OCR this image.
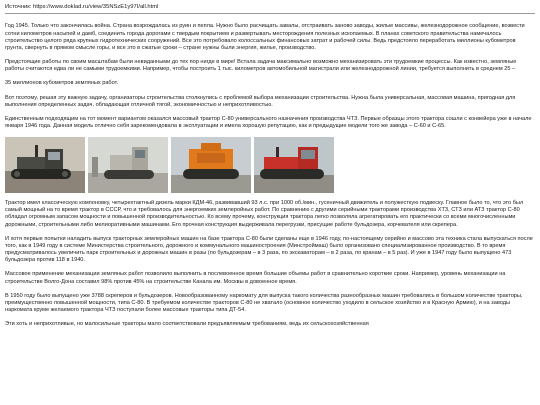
Источник: https://www.doklad.ru/view/35NSzE1y97I/all.html

Год 1945. Только что закончилась война. Страна возрождалась из руин и пепла. Нужно было расчищать завалы, отстраивать заново заводы, жилые массивы, железнодорожное сообщение, возвести сотни километров насыпей и дамб, соединить города дорогами с твердым покрытием и развертывать месторождения полезных ископаемых. В планах советского правительства намечалось строительство целого ряда крупных гидротехнических сооружений. Все это потребовало колоссальных финансовых затрат и рабочей силы. Ведь предстояло переработать миллионы кубометров грунта, свернуть в прямом смысле горы, и все это в сжатые сроки – стране нужны были энергия, жилье, производство.

Предстоящие работы по своим масштабам были невиданными до тех пор нигде в мире! Встала задача максимально возможно механизировать эти трудоемкие процессы. Как известно, земляные работы считаются едва ли не самыми трудоемкими. Например, чтобы построить 1 тыс. километров автомобильной магистрали или железнодорожной линии, требуется выполнить в среднем 25 –

35 миллионов кубометров земляных работ.

Вот поэтому, решая эту важную задачу, организаторы строительства столкнулись с проблемой выбора механизации строительства. Нужна была универсальная, массовая машина, пригодная для выполнения определенных задач, обладающая отличной тягой, экономичностью и неприхотливостью.

Единственным подходящим на тот момент вариантом оказался массовый трактор С-80 универсального назначения производства ЧТЗ. Первые образцы этого трактора сошли с конвейера уже в начале января 1946 года. Данная модель отлично себя зарекомендовала в эксплуатации и имела хорошую репутацию, как и предыдущие модели того же завода – С-60 и С-65.

Трактор имел классическую компоновку, четырехтактный дизель марки КДМ-46, развивавший 93 л.с. при 1000 об./мин., гусеничный движитель и полужесткую подвеску. Главное было то, что это был самый мощный на то время трактор в СССР, что и требовалось для энергоемких землеройных работ. По сравнению с другими серийными тракторами производства ХТЗ, СТЗ или АТЗ трактор С-80 обладал огромным запасом мощности и повышенной производительностью. Ко всему прочему, конструкция трактора легко позволяла агрегатировать его практически со всеми многочисленными дорожными, строительными либо мелиоративными машинами. Его прочная конструкция выдерживала перегрузки, присущие работе бульдозера, корчевателя или скрепера.

И хотя первые попытки наладить выпуск тракторных землеройных машин на базе трактора С-80 были сделаны еще в 1946 году, по-настоящему серийно и массово эта техника стала выпускаться после того, как в 1949 году в системе Министерства строительного, дорожного и коммунального машиностроения (Минстроймаш) было организовано специализированное производство. В то время предусматривалось увеличить парк строительных и дорожных машин в разы (по бульдозерам – в 3 раза, по экскаваторам – в 2 раза, по кранам – в 5 раз). И уже в 1947 году было выпущено 473 бульдозера против 118 в 1940.

Массовое применение механизации земляных работ позволило выполнить в послевоенное время большие объемы работ в сравнительно короткие сроки. Например, уровень механизации на строительстве Волго-Дона составил 98% против 45% на строительстве Канала им. Москвы в довоенное время.

В 1950 году было выпущено уже 3788 скреперов и бульдозеров. Новообразованному наркомату для выпуска такого количества разнообразных машин требовались в большом количестве тракторы, преимущественно повышенной мощности, типа С-80. В требуемом количестве тракторов С-80 не хватало (основное количество уходило в сельское хозяйство и в Красную Армию), и на заводы наркомата круме желаемого трактора ЧТЗ поступали более массовые тракторы типа ДТ-54.

Эти хоть и неприхотливые, но малосильные тракторы мало соответствовали предъявляемым требованиям, ведь их сельскохозяйственная
